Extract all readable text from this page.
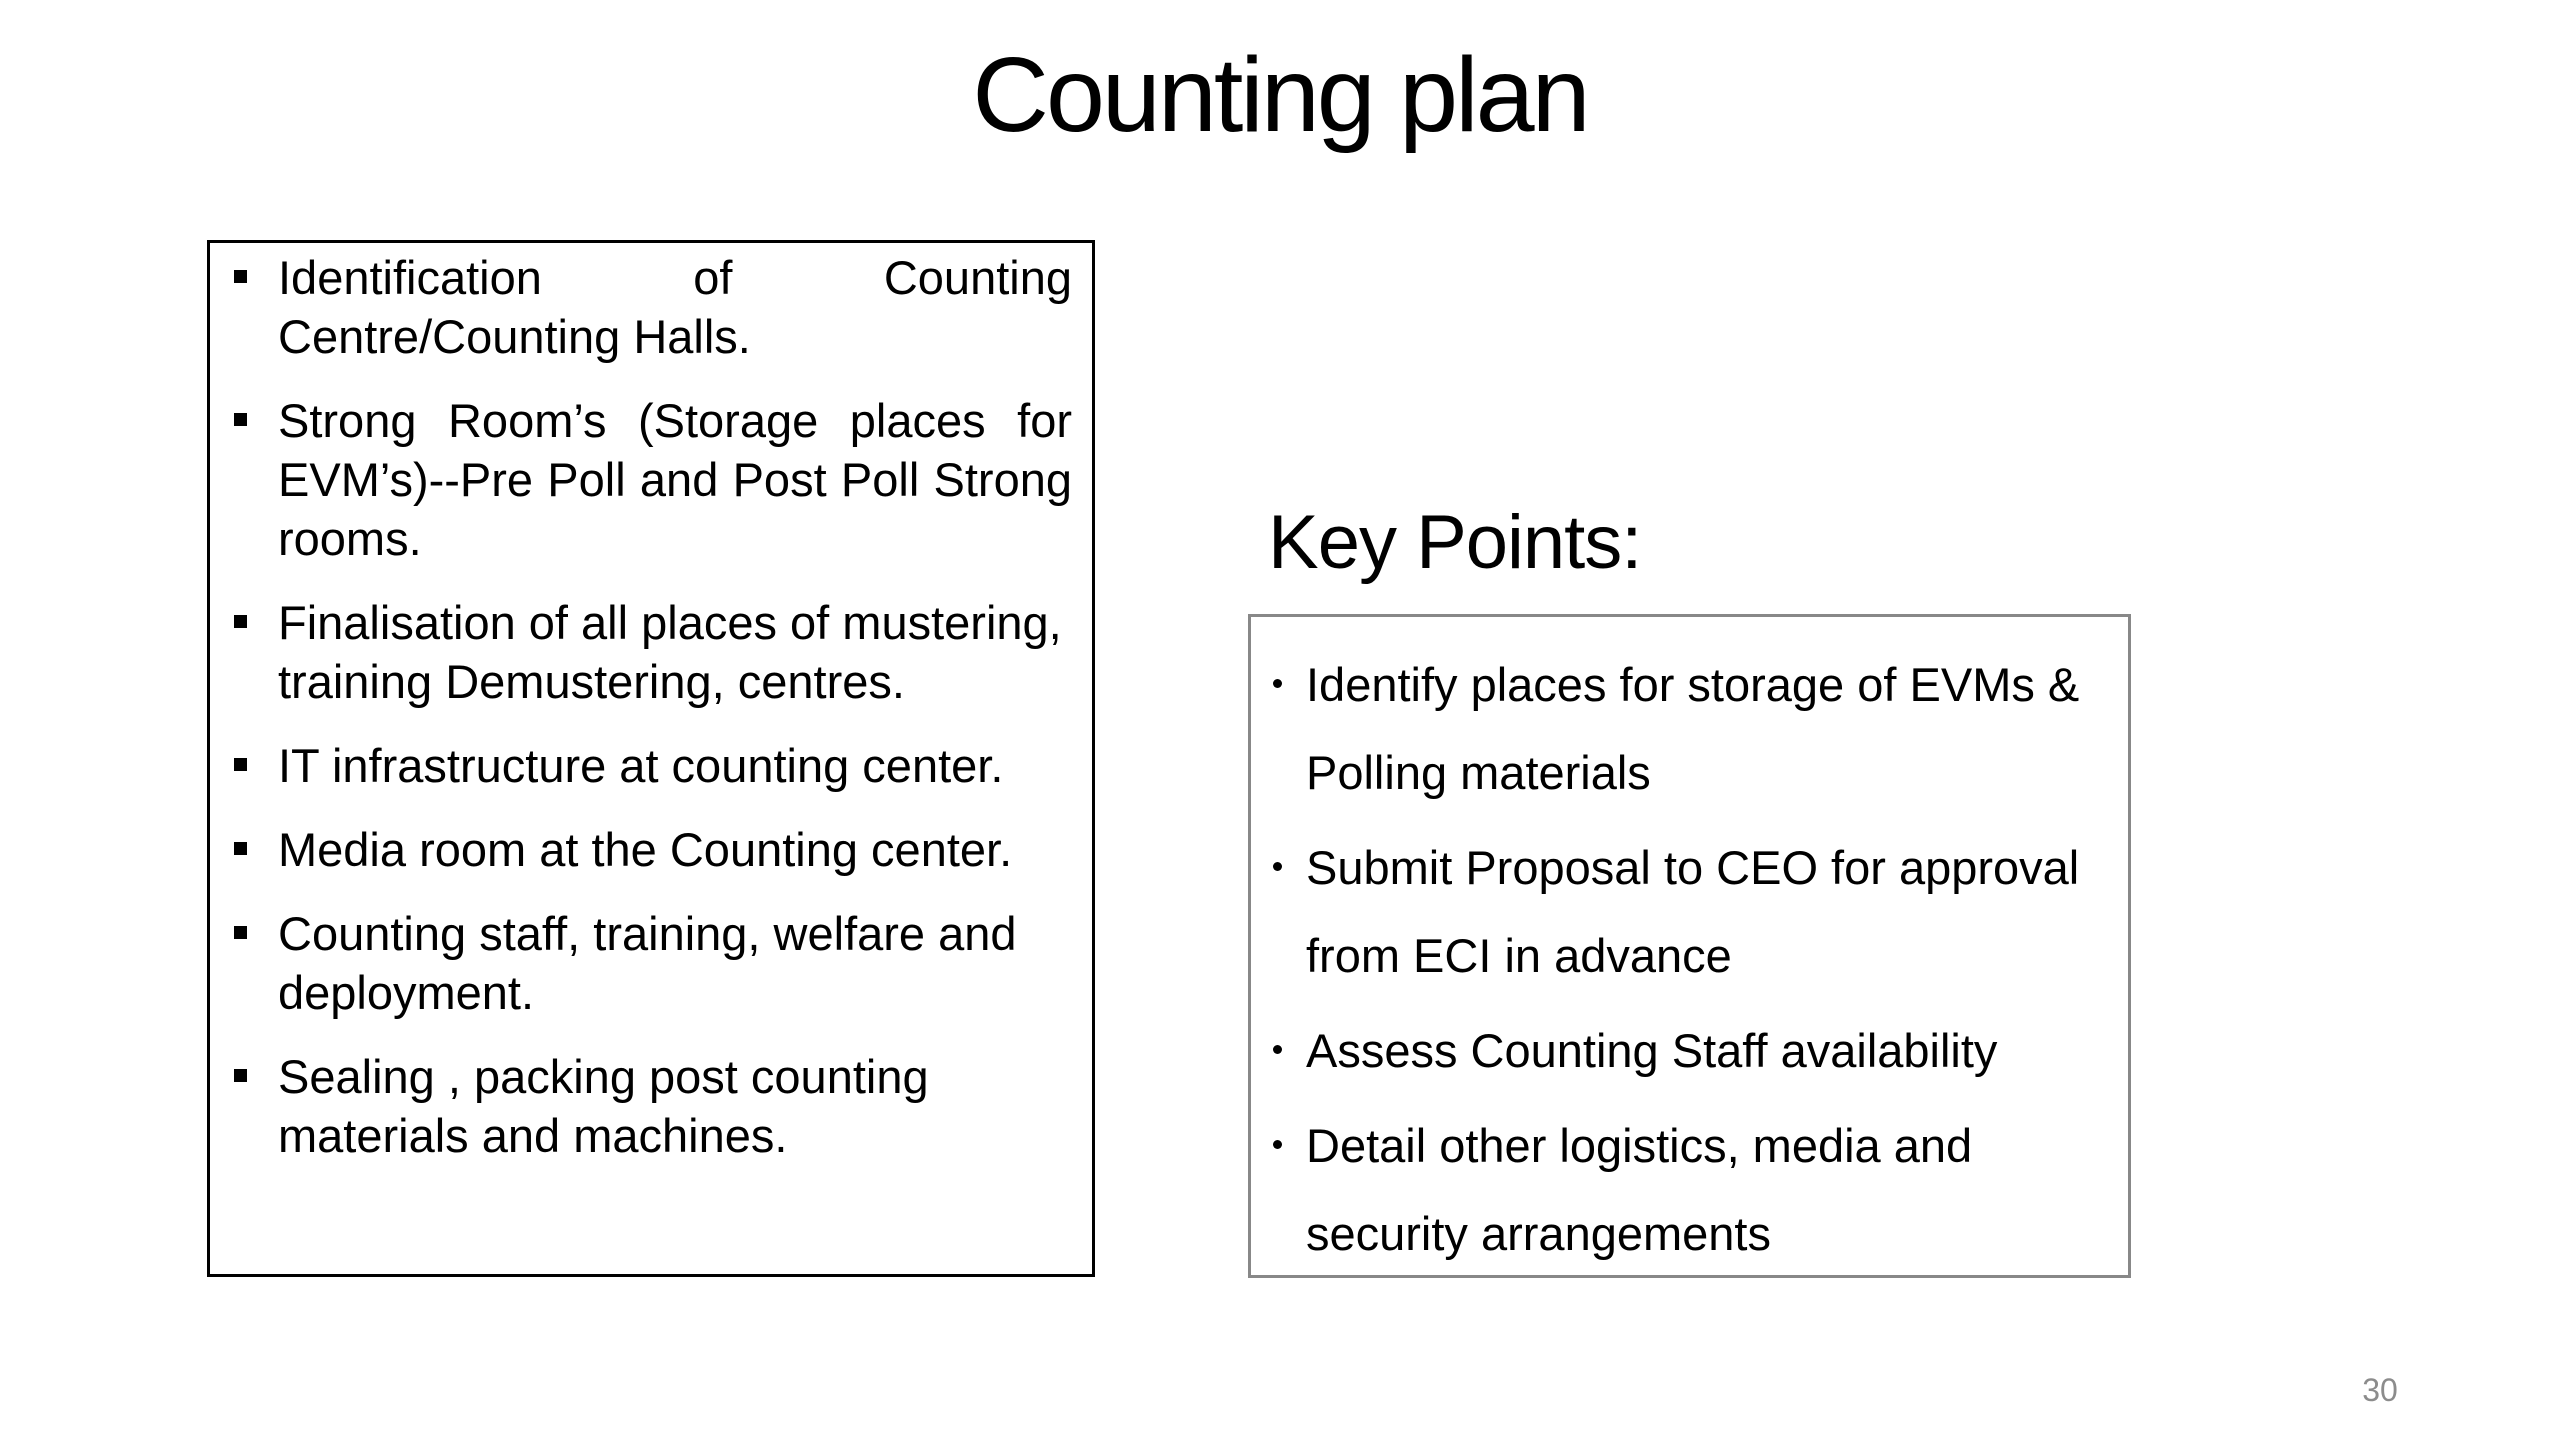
Counting plan
Identification of Counting Centre/Counting Halls.
Strong Room’s (Storage places for EVM’s)--Pre Poll and Post Poll Strong rooms.
Finalisation of all places of mustering, training Demustering, centres.
IT infrastructure at counting center.
Media room at the Counting center.
Counting staff, training, welfare and deployment.
Sealing , packing post counting materials and machines.
Key Points:
Identify places for storage of EVMs & Polling materials
Submit Proposal to CEO for approval from ECI in advance
Assess Counting Staff availability
Detail other logistics, media and security arrangements
30
